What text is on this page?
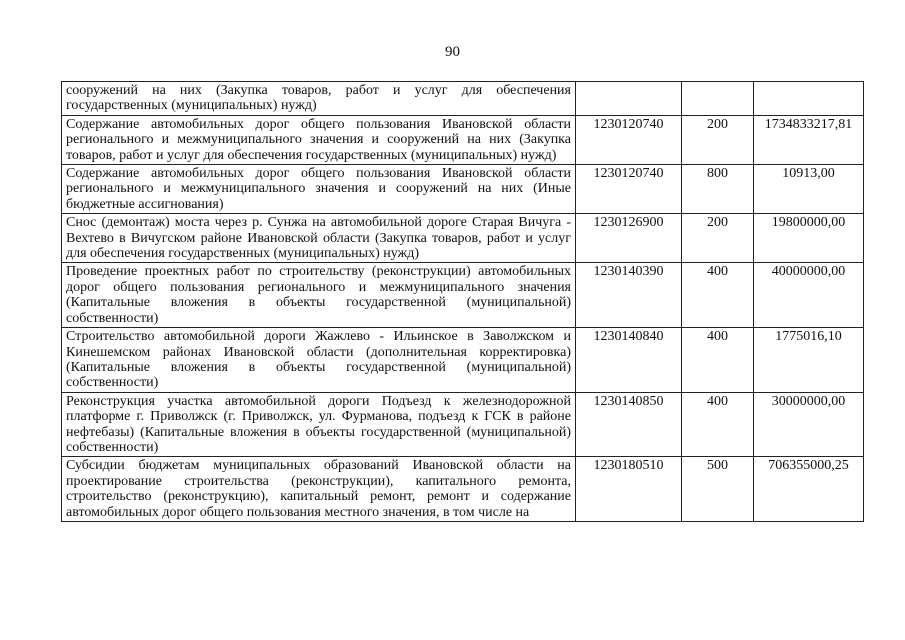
90
сооружений на них (Закупка товаров, работ и услуг для обеспечения государственных (муниципальных) нужд)			
Содержание автомобильных дорог общего пользования Ивановской области регионального и межмуниципального значения и сооружений на них (Закупка товаров, работ и услуг для обеспечения государственных (муниципальных) нужд)	1230120740	200	1734833217,81
Содержание автомобильных дорог общего пользования Ивановской области регионального и межмуниципального значения и сооружений на них (Иные бюджетные ассигнования)	1230120740	800	10913,00
Снос (демонтаж) моста через р. Сунжа на автомобильной дороге Старая Вичуга - Вехтево в Вичугском районе Ивановской области (Закупка товаров, работ и услуг для обеспечения государственных (муниципальных) нужд)	1230126900	200	19800000,00
Проведение проектных работ по строительству (реконструкции) автомобильных дорог общего пользования регионального и межмуниципального значения (Капитальные вложения в объекты государственной (муниципальной) собственности)	1230140390	400	40000000,00
Строительство автомобильной дороги Жажлево - Ильинское в Заволжском и Кинешемском районах Ивановской области (дополнительная корректировка) (Капитальные вложения в объекты государственной (муниципальной) собственности)	1230140840	400	1775016,10
Реконструкция участка автомобильной дороги Подъезд к железнодорожной платформе г. Приволжск (г. Приволжск, ул. Фурманова, подъезд к ГСК в районе нефтебазы) (Капитальные вложения в объекты государственной (муниципальной) собственности)	1230140850	400	30000000,00
Субсидии бюджетам муниципальных образований Ивановской области на проектирование строительства (реконструкции), капитального ремонта, строительство (реконструкцию), капитальный ремонт, ремонт и содержание автомобильных дорог общего пользования местного значения, в том числе на	1230180510	500	706355000,25
